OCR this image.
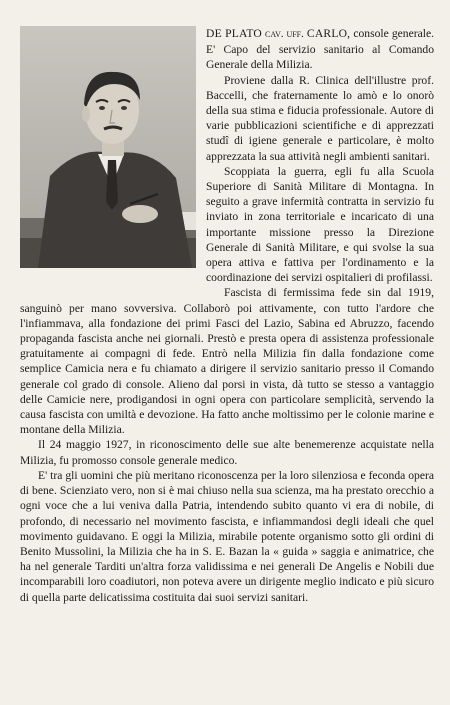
DE PLATO cav. uff. CARLO, console generale. E' Capo del servizio sanitario al Comando Generale della Milizia.

Proviene dalla R. Clinica dell'illustre prof. Baccelli, che fraternamente lo amò e lo onorò della sua stima e fiducia professionale. Autore di varie pubblicazioni scientifiche e di apprezzati studî di igiene generale e particolare, è molto apprezzata la sua attività negli ambienti sanitari.

Scoppiata la guerra, egli fu alla Scuola Superiore di Sanità Militare di Montagna. In seguito a grave infermità contratta in servizio fu inviato in zona territoriale e incaricato di una importante missione presso la Direzione Generale di Sanità Militare, e qui svolse la sua opera attiva e fattiva per l'ordinamento e la coordinazione dei servizi ospitalieri di profilassi.

Fascista di fermissima fede sin dal 1919, sanguinò per mano sovversiva. Collaborò poi attivamente, con tutto l'ardore che l'infiammava, alla fondazione dei primi Fasci del Lazio, Sabina ed Abruzzo, facendo propaganda fascista anche nei giornali. Prestò e presta opera di assistenza professionale gratuitamente ai compagni di fede. Entrò nella Milizia fin dalla fondazione come semplice Camicia nera e fu chiamato a dirigere il servizio sanitario presso il Comando generale col grado di console. Alieno dal porsi in vista, dà tutto se stesso a vantaggio delle Camicie nere, prodigandosi in ogni opera con particolare semplicità, servendo la causa fascista con umiltà e devozione. Ha fatto anche moltissimo per le colonie marine e montane della Milizia.

Il 24 maggio 1927, in riconoscimento delle sue alte benemerenze acquistate nella Milizia, fu promosso console generale medico.

E' tra gli uomini che più meritano riconoscenza per la loro silenziosa e feconda opera di bene. Scienziato vero, non si è mai chiuso nella sua scienza, ma ha prestato orecchio a ogni voce che a lui veniva dalla Patria, intendendo subito quanto vi era di nobile, di profondo, di necessario nel movimento fascista, e infiammandosi degli ideali che quel movimento guidavano. E oggi la Milizia, mirabile potente organismo sotto gli ordini di Benito Mussolini, la Milizia che ha in S. E. Bazan la « guida » saggia e animatrice, che ha nel generale Tarditi un'altra forza validissima e nei generali De Angelis e Nobili due incomparabili loro coadiutori, non poteva avere un dirigente meglio indicato e più sicuro di quella parte delicatissima costituita dai suoi servizi sanitari.
